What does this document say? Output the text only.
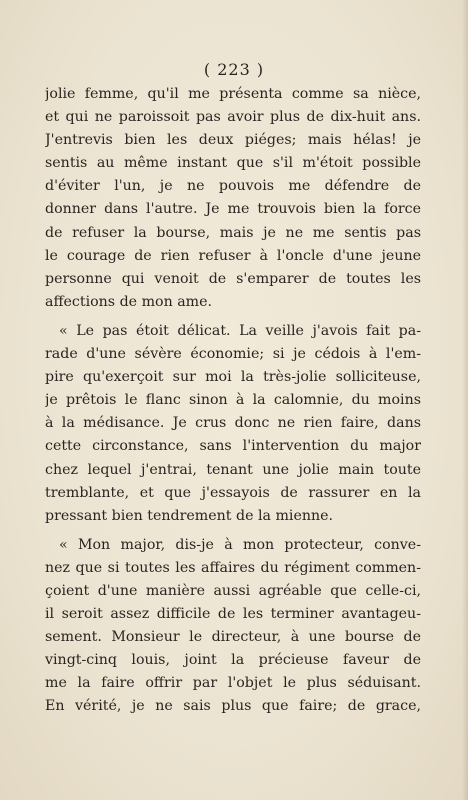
( 223 )
jolie femme, qu'il me présenta comme sa nièce,
et qui ne paroissoit pas avoir plus de dix-huit ans.
J'entrevis bien les deux piéges; mais hélas! je
sentis au même instant que s'il m'étoit possible
d'éviter l'un, je ne pouvois me défendre de
donner dans l'autre. Je me trouvois bien la force
de refuser la bourse, mais je ne me sentis pas
le courage de rien refuser à l'oncle d'une jeune
personne qui venoit de s'emparer de toutes les
affections de mon ame.
« Le pas étoit délicat. La veille j'avois fait pa-
rade d'une sévère économie; si je cédois à l'em-
pire qu'exerçoit sur moi la très-jolie solliciteuse,
je prêtois le flanc sinon à la calomnie, du moins
à la médisance. Je crus donc ne rien faire, dans
cette circonstance, sans l'intervention du major
chez lequel j'entrai, tenant une jolie main toute
tremblante, et que j'essayois de rassurer en la
pressant bien tendrement de la mienne.
« Mon major, dis-je à mon protecteur, conve-
nez que si toutes les affaires du régiment commen-
çoient d'une manière aussi agréable que celle-ci,
il seroit assez difficile de les terminer avantageu-
sement. Monsieur le directeur, à une bourse de
vingt-cinq louis, joint la précieuse faveur de
me la faire offrir par l'objet le plus séduisant.
En vérité, je ne sais plus que faire; de grace,
